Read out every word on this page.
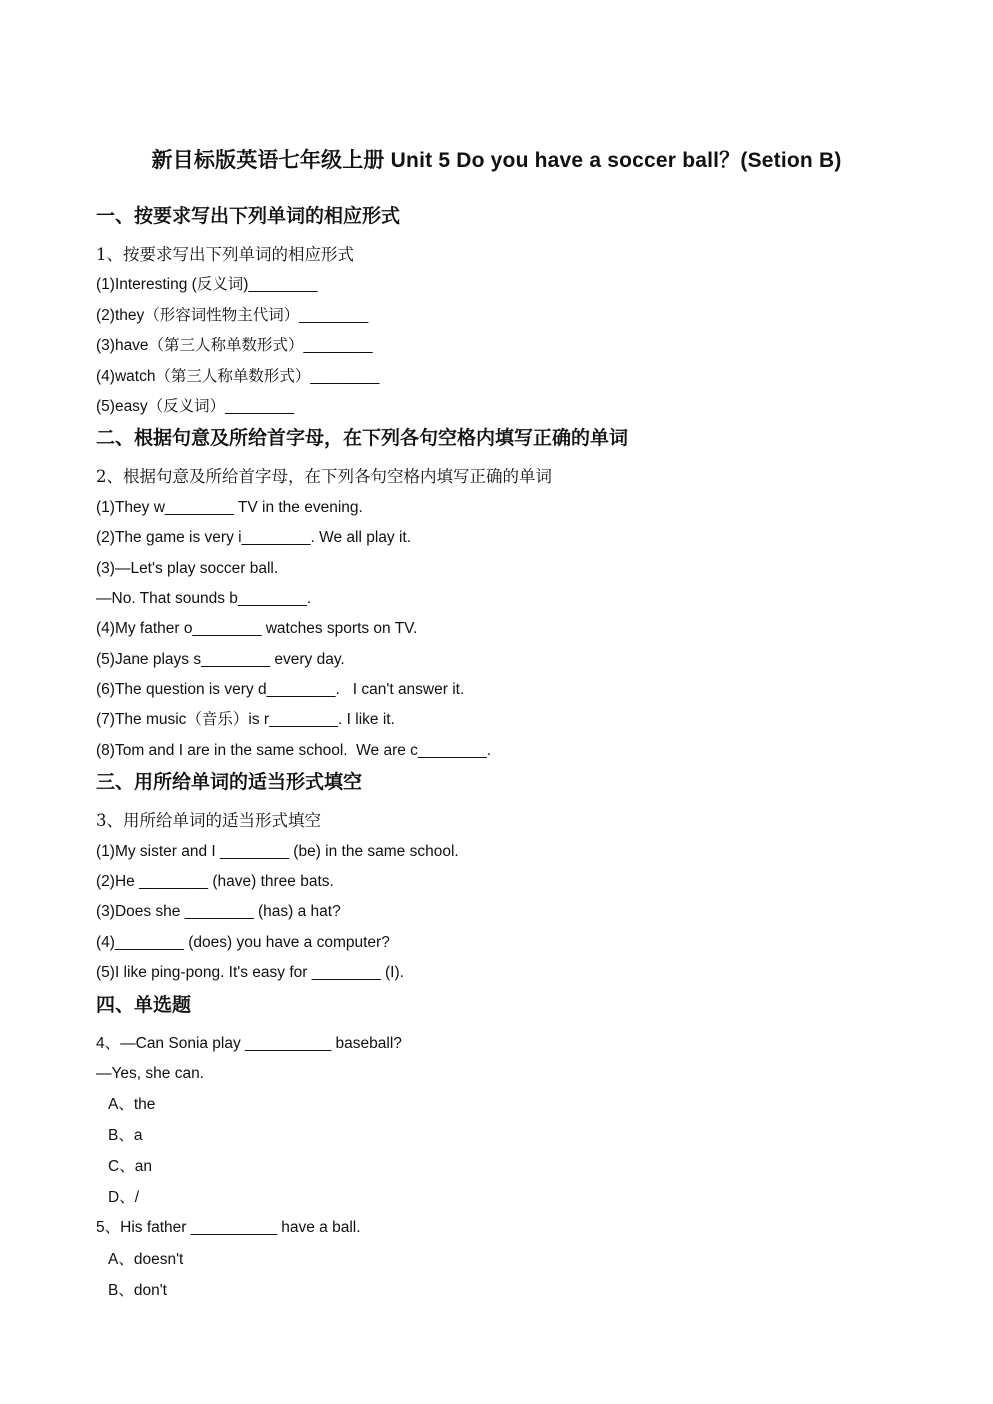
新目标版英语七年级上册 Unit 5 Do you have a soccer ball？(Setion B)
一、按要求写出下列单词的相应形式
1、按要求写出下列单词的相应形式
(1)Interesting (反义词)________
(2)they（形容词性物主代词）________
(3)have（第三人称单数形式）________
(4)watch（第三人称单数形式）________
(5)easy（反义词）________
二、根据句意及所给首字母，在下列各句空格内填写正确的单词
2、根据句意及所给首字母，在下列各句空格内填写正确的单词
(1)They w________ TV in the evening.
(2)The game is very i________. We all play it.
(3)—Let's play soccer ball.
—No. That sounds b________.
(4)My father o________ watches sports on TV.
(5)Jane plays s________ every day.
(6)The question is very d________.   I can't answer it.
(7)The music（音乐）is r________. I like it.
(8)Tom and I are in the same school.  We are c________.
三、用所给单词的适当形式填空
3、用所给单词的适当形式填空
(1)My sister and I ________ (be) in the same school.
(2)He ________ (have) three bats.
(3)Does she ________ (has) a hat?
(4)________ (does) you have a computer?
(5)I like ping-pong. It's easy for ________ (I).
四、单选题
4、—Can Sonia play __________ baseball?
—Yes, she can.
A、the
B、a
C、an
D、/
5、His father __________ have a ball.
A、doesn't
B、don't
